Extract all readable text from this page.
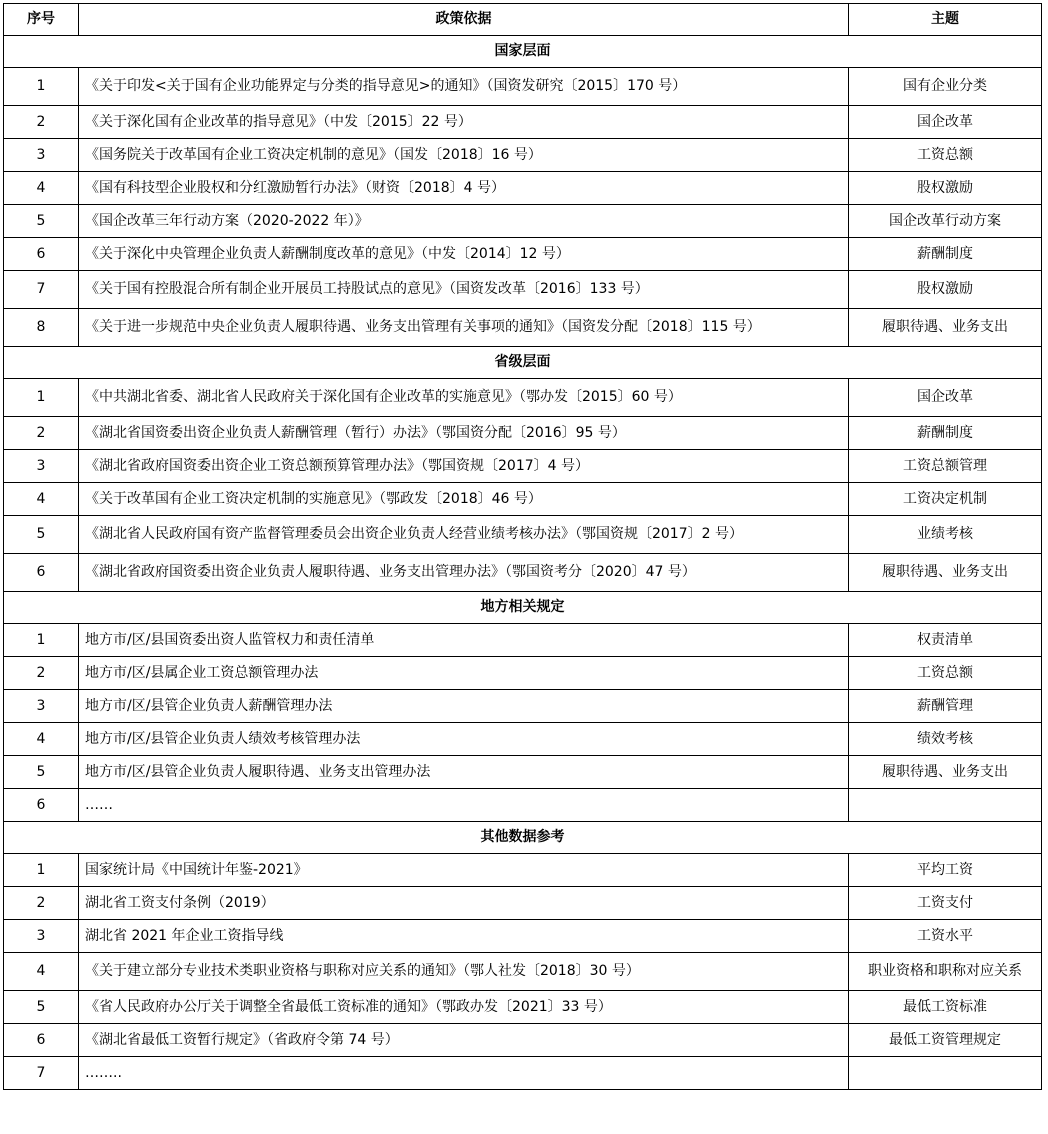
序号	政策依据	主题
国家层面		
1	《关于印发<关于国有企业功能界定与分类的指导意见>的通知》（国资发研究〔2015〕170 号）	国有企业分类
2	《关于深化国有企业改革的指导意见》（中发〔2015〕22 号）	国企改革
3	《国务院关于改革国有企业工资决定机制的意见》（国发〔2018〕16 号）	工资总额
4	《国有科技型企业股权和分红激励暂行办法》（财资〔2018〕4 号）	股权激励
5	《国企改革三年行动方案（2020-2022 年）》	国企改革行动方案
6	《关于深化中央管理企业负责人薪酬制度改革的意见》（中发〔2014〕12 号）	薪酬制度
7	《关于国有控股混合所有制企业开展员工持股试点的意见》（国资发改革〔2016〕133 号）	股权激励
8	《关于进一步规范中央企业负责人履职待遇、业务支出管理有关事项的通知》（国资发分配〔2018〕115 号）	履职待遇、业务支出
省级层面		
1	《中共湖北省委、湖北省人民政府关于深化国有企业改革的实施意见》（鄂办发〔2015〕60 号）	国企改革
2	《湖北省国资委出资企业负责人薪酬管理（暂行）办法》（鄂国资分配〔2016〕95 号）	薪酬制度
3	《湖北省政府国资委出资企业工资总额预算管理办法》（鄂国资规〔2017〕4 号）	工资总额管理
4	《关于改革国有企业工资决定机制的实施意见》（鄂政发〔2018〕46 号）	工资决定机制
5	《湖北省人民政府国有资产监督管理委员会出资企业负责人经营业绩考核办法》（鄂国资规〔2017〕2 号）	业绩考核
6	《湖北省政府国资委出资企业负责人履职待遇、业务支出管理办法》（鄂国资考分〔2020〕47 号）	履职待遇、业务支出
地方相关规定		
1	地方市/区/县国资委出资人监管权力和责任清单	权责清单
2	地方市/区/县属企业工资总额管理办法	工资总额
3	地方市/区/县管企业负责人薪酬管理办法	薪酬管理
4	地方市/区/县管企业负责人绩效考核管理办法	绩效考核
5	地方市/区/县管企业负责人履职待遇、业务支出管理办法	履职待遇、业务支出
6	……	
其他数据参考		
1	国家统计局《中国统计年鉴-2021》	平均工资
2	湖北省工资支付条例（2019）	工资支付
3	湖北省 2021 年企业工资指导线	工资水平
4	《关于建立部分专业技术类职业资格与职称对应关系的通知》（鄂人社发〔2018〕30 号）	职业资格和职称对应关系
5	《省人民政府办公厅关于调整全省最低工资标准的通知》（鄂政办发〔2021〕33 号）	最低工资标准
6	《湖北省最低工资暂行规定》（省政府令第 74 号）	最低工资管理规定
7	……..	
